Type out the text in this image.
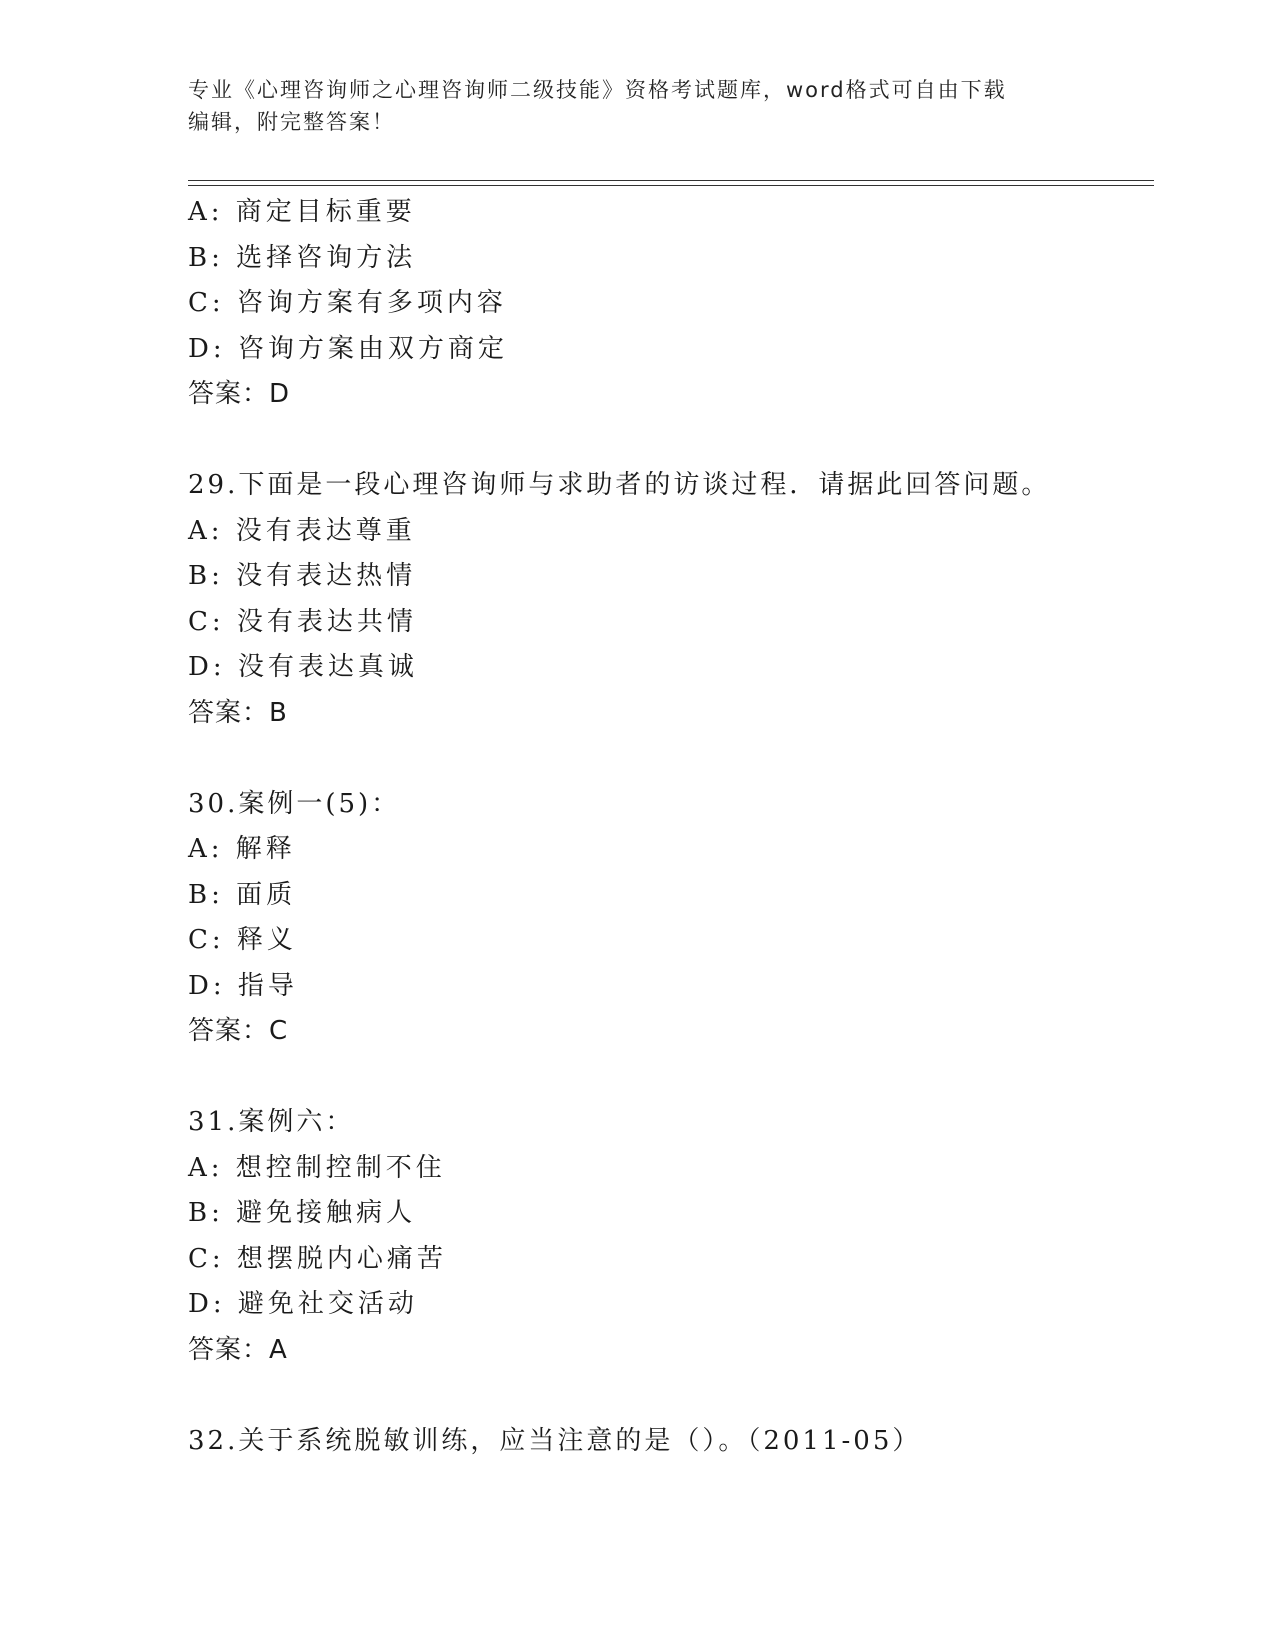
专业《心理咨询师之心理咨询师二级技能》资格考试题库，word格式可自由下载
编辑，附完整答案！
A: 商定目标重要
B: 选择咨询方法
C: 咨询方案有多项内容
D: 咨询方案由双方商定
答案：D
29.下面是一段心理咨询师与求助者的访谈过程．请据此回答问题。
A: 没有表达尊重
B: 没有表达热情
C: 没有表达共情
D: 没有表达真诚
答案：B
30.案例一(5)：
A: 解释
B: 面质
C: 释义
D: 指导
答案：C
31.案例六：
A: 想控制控制不住
B: 避免接触病人
C: 想摆脱内心痛苦
D: 避免社交活动
答案：A
32.关于系统脱敏训练，应当注意的是（）。（2011-05）
